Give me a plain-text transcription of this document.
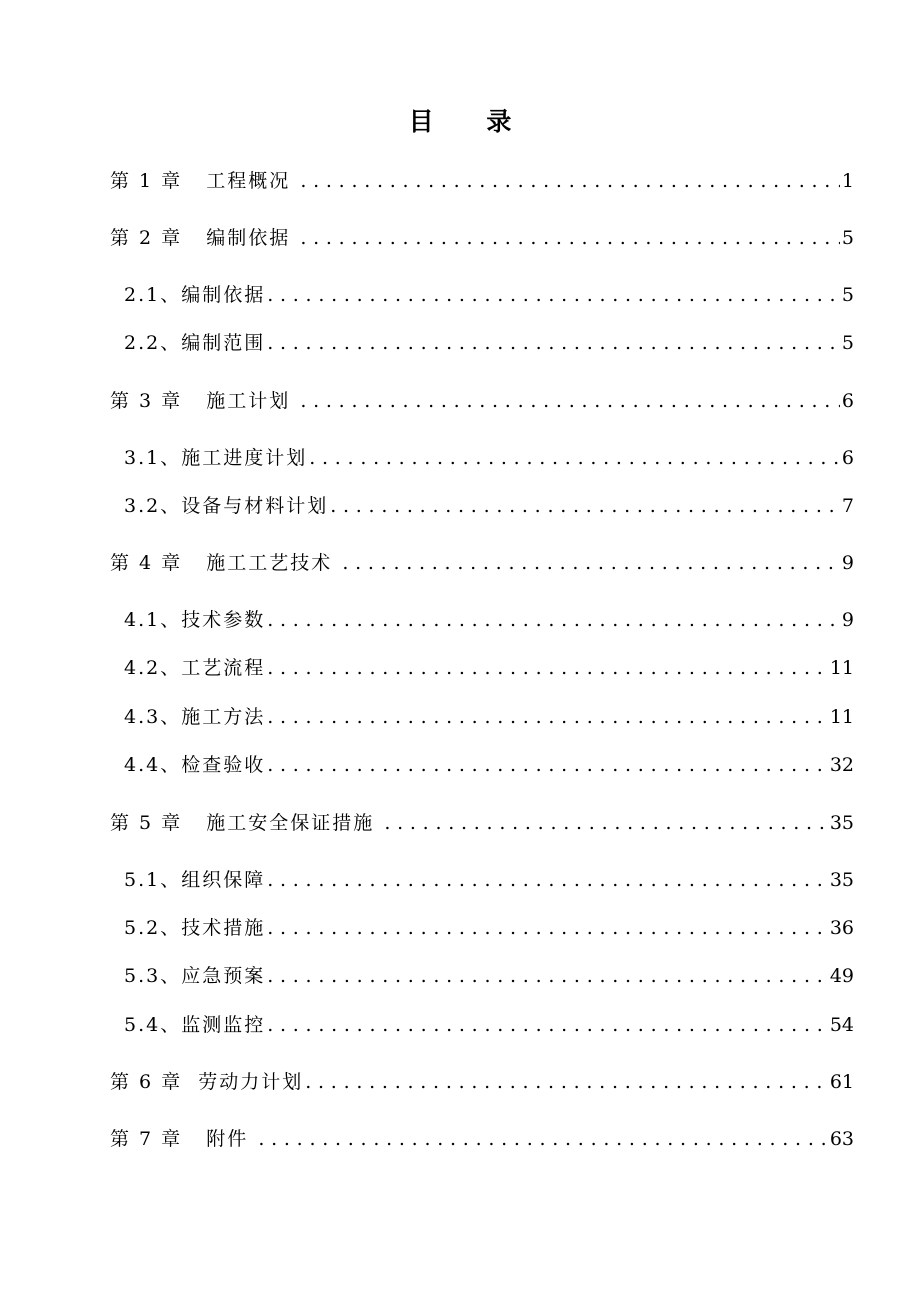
目 录
第 1 章   工程概况 . . .	1
第 2 章   编制依据 . . .	5
2.1、编制依据 . . .	5
2.2、编制范围 . . .	5
第 3 章   施工计划 . . .	6
3.1、施工进度计划 . . .	6
3.2、设备与材料计划 . . .	7
第 4 章   施工工艺技术 . . .	9
4.1、技术参数 . . .	9
4.2、工艺流程 . . .	11
4.3、施工方法 . . .	11
4.4、检查验收 . . .	32
第 5 章   施工安全保证措施 . . .	35
5.1、组织保障 . . .	35
5.2、技术措施 . . .	36
5.3、应急预案 . . .	49
5.4、监测监控 . . .	54
第 6 章  劳动力计划 . . .	61
第 7 章   附件 . . .	63
